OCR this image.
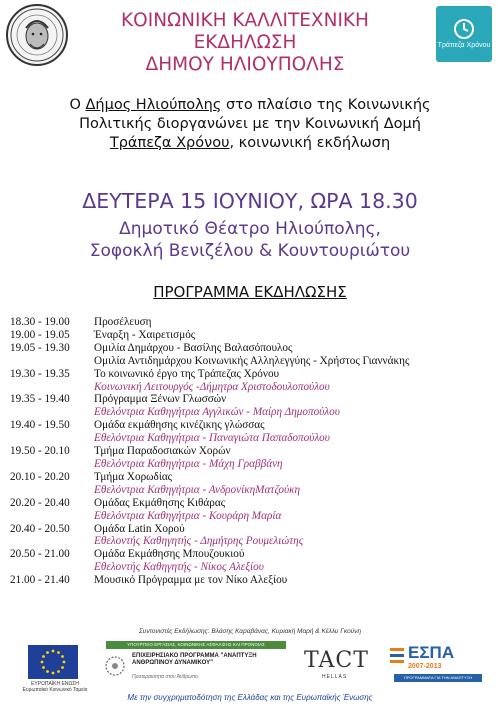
Τράπεζα Χρόνου
ΚΟΙΝΩΝΙΚΗ ΚΑΛΛΙΤΕΧΝΙΚΗ
ΕΚΔΗΛΩΣΗ
ΔΗΜΟΥ ΗΛΙΟΥΠΟΛΗΣ
Ο Δήμος Ηλιούπολης στο πλαίσιο της Κοινωνικής
Πολιτικής διοργανώνει με την Κοινωνική Δομή
Τράπεζα Χρόνου, κοινωνική εκδήλωση
ΔΕΥΤΕΡΑ 15 ΙΟΥΝΙΟΥ, ΩΡΑ 18.30
Δημοτικό Θέατρο Ηλιούπολης,
Σοφοκλή Βενιζέλου & Κουντουριώτου
ΠΡΟΓΡΑΜΜΑ ΕΚΔΗΛΩΣΗΣ
18.30 - 19.00 Προσέλευση
19.00 - 19.05 Έναρξη - Χαιρετισμός
19.05 - 19.30 Ομιλία Δημάρχου - Βασίλης Βαλασόπουλος
Ομιλία Αντιδημάρχου Κοινωνικής Αλληλεγγύης - Χρήστος Γιαννάκης
19.30 - 19.35 Το κοινωνικό έργο της Τράπεζας Χρόνου
Κοινωνική Λειτουργός -Δήμητρα Χριστοδουλοπούλου
19.35 - 19.40 Πρόγραμμα Ξένων Γλωσσών
Εθελόντρια Καθηγήτρια Αγγλικών - Μαίρη Δημοπούλου
19.40 - 19.50 Ομάδα εκμάθησης κινέζικης γλώσσας
Εθελόντρια Καθηγήτρια - Παναγιώτα Παπαδοπούλου
19.50 - 20.10 Τμήμα Παραδοσιακών Χορών
Εθελόντρια Καθηγήτρια - Μάχη Γραββάνη
20.10 - 20.20 Τμήμα Χορωδίας
Εθελόντρια Καθηγήτρια - ΑνδρονίκηΜατζούκη
20.20 - 20.40 Ομάδας Εκμάθησης Κιθάρας
Εθελόντρια Καθηγήτρια - Κουράρη Μαρία
20.40 - 20.50 Ομάδα Latin Χορού
Εθελοντής Καθηγητής - Δημήτρης Ρουμελιώτης
20.50 - 21.00 Ομάδα Εκμάθησης Μπουζουκιού
Εθελοντής Καθηγητής - Νίκος Αλεξίου
21.00 - 21.40 Μουσικό Πρόγραμμα με τον Νίκο Αλεξίου
Συντονιστές Εκδήλωσης: Βλάσης Καραβάνας, Κυριακή Μαρή & Κέλλυ Γκούνη
ΕΥΡΩΠΑΪΚΗ ΕΝΩΣΗ Ευρωπαϊκό Κοινωνικό Ταμείο
ΥΠΟΥΡΓΕΙΟ ΕΡΓΑΣΙΑΣ, ΚΟΙΝΩΝΙΚΗΣ ΑΣΦΑΛΙΣΗΣ ΚΑΙ ΠΡΟΝΟΙΑΣ
ΕΠΙΧΕΙΡΗΣΙΑΚΟ ΠΡΟΓΡΑΜΜΑ "ΑΝΑΠΤΥΞΗ ΑΝΘΡΩΠΙΝΟΥ ΔΥΝΑΜΙΚΟΥ"
Προτεραιότητα στον Άνθρωπο
TACT
HELLAS
ΕΣΠΑ
2007-2013
ΠΡΟΓΡΑΜΜΑΤΑ ΓΙΑ ΤΗΝ ΑΝΑΠΤΥΞΗ
Με την συγχρηματοδότηση της Ελλάδας και της Ευρωπαϊκής Ένωσης
